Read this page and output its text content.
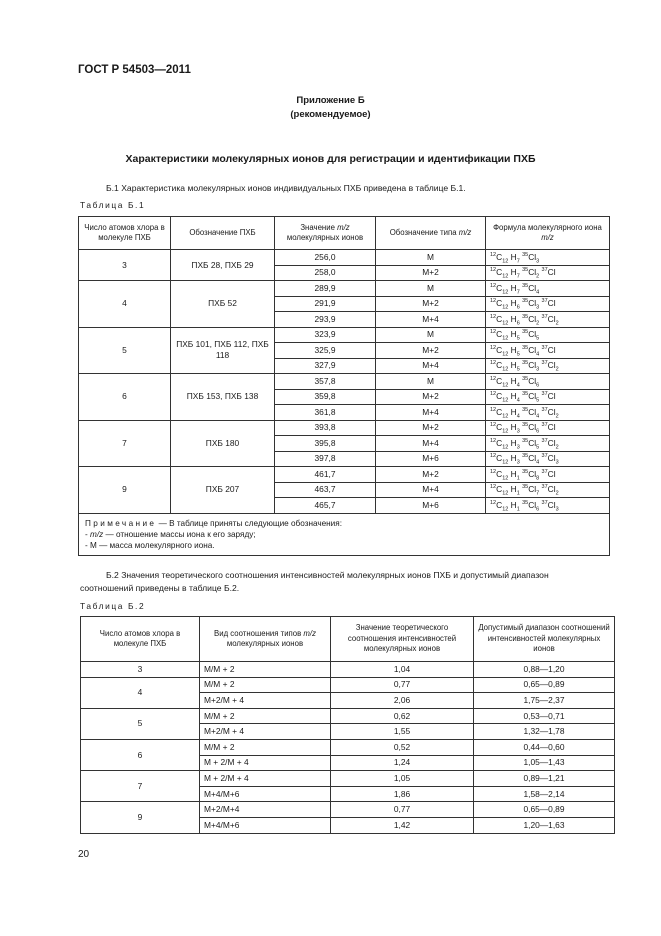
ГОСТ Р 54503—2011
Приложение Б
(рекомендуемое)
Характеристики молекулярных ионов для регистрации и идентификации ПХБ
Б.1 Характеристика молекулярных ионов индивидуальных ПХБ приведена в таблице Б.1.
Таблица Б.1
Число атомов хлора в молекуле ПХБ	Обозначение ПХБ	Значение m/z молекулярных ионов	Обозначение типа m/z	Формула молекулярного иона m/z
3	ПХБ 28, ПХБ 29	256,0	M	$^{12}C_{12}$ $H_7$ $^{35}Cl_3$
		258,0	M+2	$^{12}C_{12}$ $H_7$ $^{35}Cl_2$ $^{37}$Cl
4	ПХБ 52	289,9	M	$^{12}C_{12}$ $H_7$ $^{35}Cl_4$
		291,9	M+2	$^{12}C_{12}$ $H_6$ $^{35}Cl_3$ $^{37}$Cl
		293,9	M+4	$^{12}C_{12}$ $H_6$ $^{35}Cl_2$ $^{37}Cl_2$
5	ПХБ 101, ПХБ 112, ПХБ 118	323,9	M	$^{12}C_{12}$ $H_5$ $^{35}Cl_5$
		325,9	M+2	$^{12}C_{12}$ $H_5$ $^{35}Cl_4$ $^{37}$Cl
		327,9	M+4	$^{12}C_{12}$ $H_5$ $^{35}Cl_3$ $^{37}Cl_2$
6	ПХБ 153, ПХБ 138	357,8	M	$^{12}C_{12}$ $H_4$ $^{35}Cl_6$
		359,8	M+2	$^{12}C_{12}$ $H_4$ $^{35}Cl_5$ $^{37}$Cl
		361,8	M+4	$^{12}C_{12}$ $H_4$ $^{35}Cl_4$ $^{37}Cl_2$
7	ПХБ 180	393,8	M+2	$^{12}C_{12}$ $H_3$ $^{35}Cl_6$ $^{37}$Cl
		395,8	M+4	$^{12}C_{12}$ $H_3$ $^{35}Cl_5$ $^{37}Cl_2$
		397,8	M+6	$^{12}C_{12}$ $H_3$ $^{35}Cl_4$ $^{37}Cl_3$
9	ПХБ 207	461,7	M+2	$^{12}C_{12}$ $H_1$ $^{35}Cl_8$ $^{37}$Cl
		463,7	M+4	$^{12}C_{12}$ $H_1$ $^{35}Cl_7$ $^{37}Cl_2$
		465,7	M+6	$^{12}C_{12}$ $H_1$ $^{35}Cl_6$ $^{37}Cl_3$
Примечание — В таблице приняты следующие обозначения:
- m/z — отношение массы иона к его заряду;
- M — масса молекулярного иона.				
Б.2 Значения теоретического соотношения интенсивностей молекулярных ионов ПХБ и допустимый диапазон соотношений приведены в таблице Б.2.
Таблица Б.2
Число атомов хлора в молекуле ПХБ	Вид соотношения типов m/z молекулярных ионов	Значение теоретического соотношения интенсивностей молекулярных ионов	Допустимый диапазон соотношений интенсивностей молекулярных ионов
3	M/M + 2	1,04	0,88—1,20
4	M/M + 2	0,77	0,65—0,89
	M+2/M + 4	2,06	1,75—2,37
5	M/M + 2	0,62	0,53—0,71
	M+2/M + 4	1,55	1,32—1,78
6	M/M + 2	0,52	0,44—0,60
	M + 2/M + 4	1,24	1,05—1,43
7	M + 2/M + 4	1,05	0,89—1,21
	M+4/M+6	1,86	1,58—2,14
9	M+2/M+4	0,77	0,65—0,89
	M+4/M+6	1,42	1,20—1,63
20
